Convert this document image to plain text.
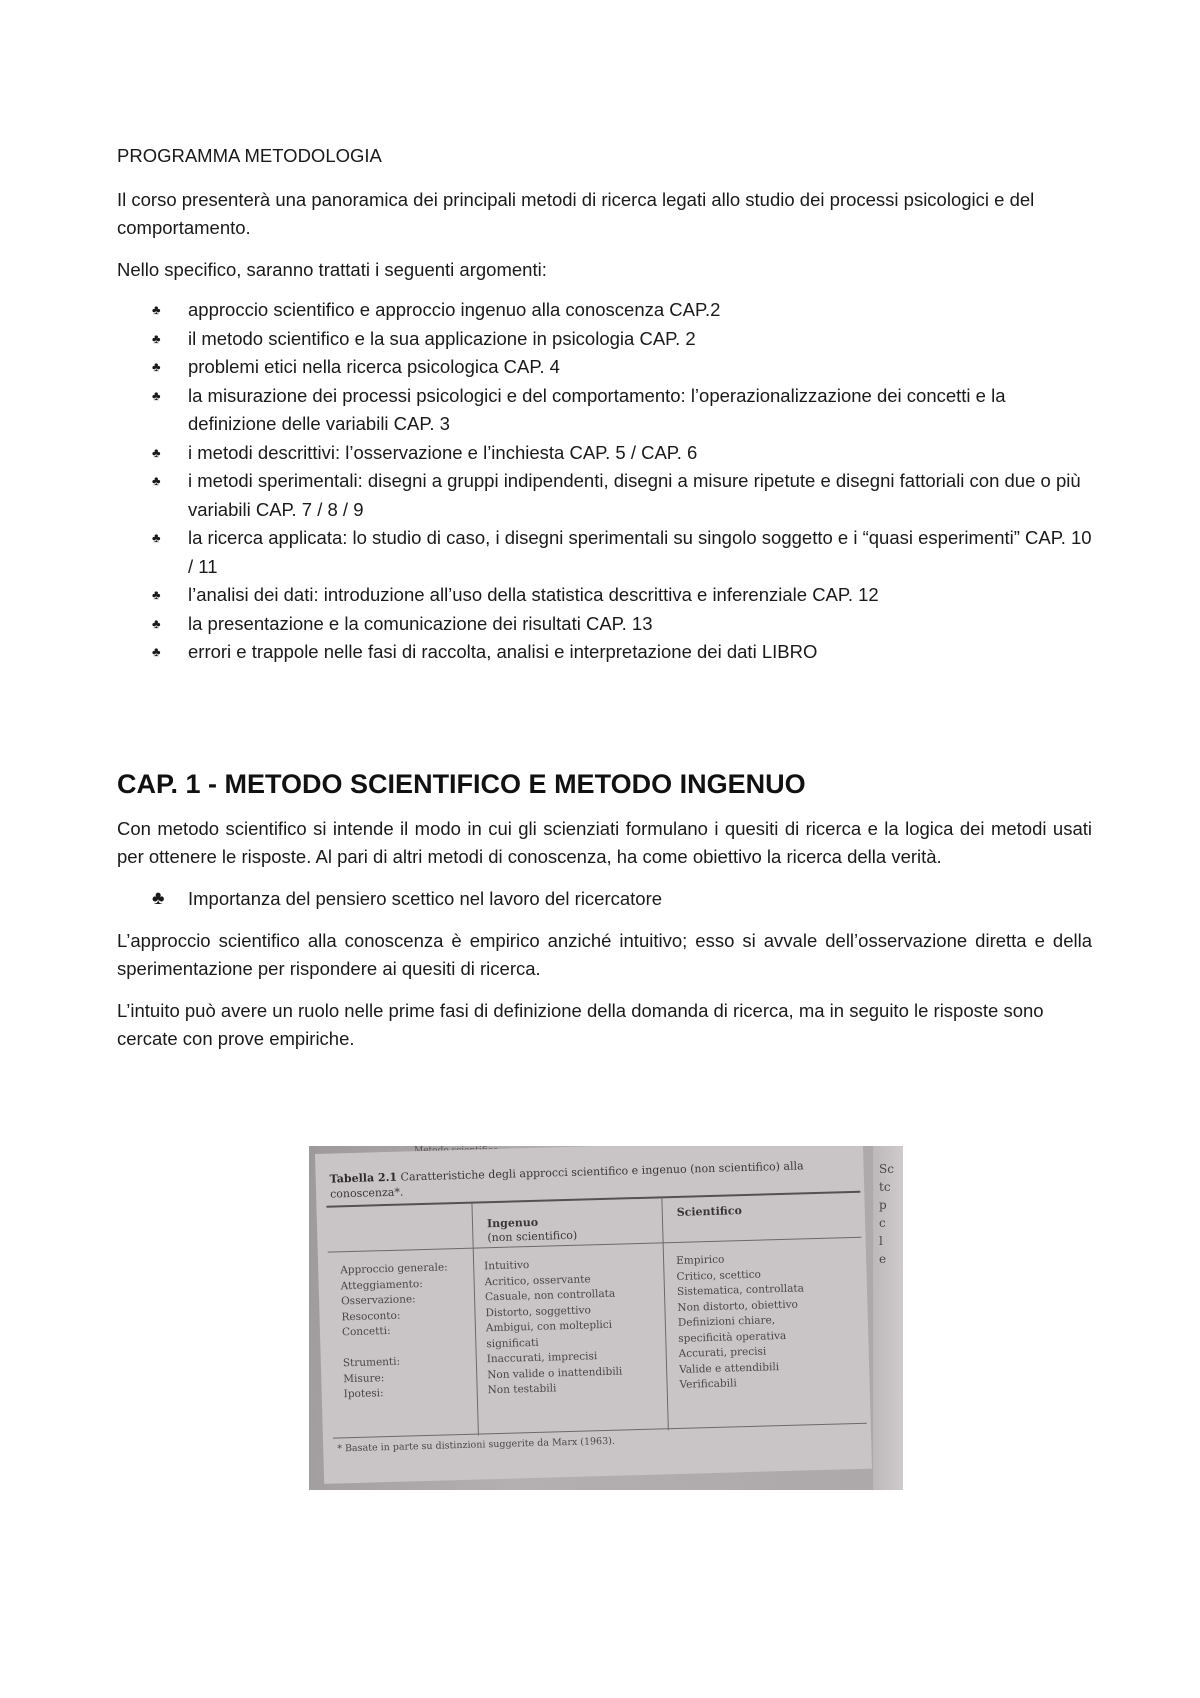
PROGRAMMA METODOLOGIA

Il corso presenterà una panoramica dei principali metodi di ricerca legati allo studio dei processi psicologici e del comportamento.

Nello specifico, saranno trattati i seguenti argomenti:

♣ approccio scientifico e approccio ingenuo alla conoscenza CAP.2
♣ il metodo scientifico e la sua applicazione in psicologia CAP. 2
♣ problemi etici nella ricerca psicologica CAP. 4
♣ la misurazione dei processi psicologici e del comportamento: l’operazionalizzazione dei concetti e la definizione delle variabili CAP. 3
♣ i metodi descrittivi: l’osservazione e l’inchiesta CAP. 5 / CAP. 6
♣ i metodi sperimentali: disegni a gruppi indipendenti, disegni a misure ripetute e disegni fattoriali con due o più variabili CAP. 7 / 8 / 9
♣ la ricerca applicata: lo studio di caso, i disegni sperimentali su singolo soggetto e i “quasi esperimenti” CAP. 10 / 11
♣ l’analisi dei dati: introduzione all’uso della statistica descrittiva e inferenziale CAP. 12
♣ la presentazione e la comunicazione dei risultati CAP. 13
♣ errori e trappole nelle fasi di raccolta, analisi e interpretazione dei dati LIBRO
CAP. 1 - METODO SCIENTIFICO E METODO INGENUO

Con metodo scientifico si intende il modo in cui gli scienziati formulano i quesiti di ricerca e la logica dei metodi usati per ottenere le risposte. Al pari di altri metodi di conoscenza, ha come obiettivo la ricerca della verità.

♣ Importanza del pensiero scettico nel lavoro del ricercatore

L’approccio scientifico alla conoscenza è empirico anziché intuitivo; esso si avvale dell’osservazione diretta e della sperimentazione per rispondere ai quesiti di ricerca.

L’intuito può avere un ruolo nelle prime fasi di definizione della domanda di ricerca, ma in seguito le risposte sono cercate con prove empiriche.

Sc
tc
p
c
l
e
Tabella 2.1 Caratteristiche degli approcci scientifico e ingenuo (non scientifico) alla conoscenza*.
Ingenuo
(non scientifico)
Scientifico
Approccio generale:
Atteggiamento:
Osservazione:
Resoconto:
Concetti:
Strumenti:
Misure:
Ipotesi:
Intuitivo
Acritico, osservante
Casuale, non controllata
Distorto, soggettivo
Ambigui, con molteplici
significati
Inaccurati, imprecisi
Non valide o inattendibili
Non testabili
Empirico
Critico, scettico
Sistematica, controllata
Non distorto, obiettivo
Definizioni chiare,
specificità operativa
Accurati, precisi
Valide e attendibili
Verificabili
* Basate in parte su distinzioni suggerite da Marx (1963).
